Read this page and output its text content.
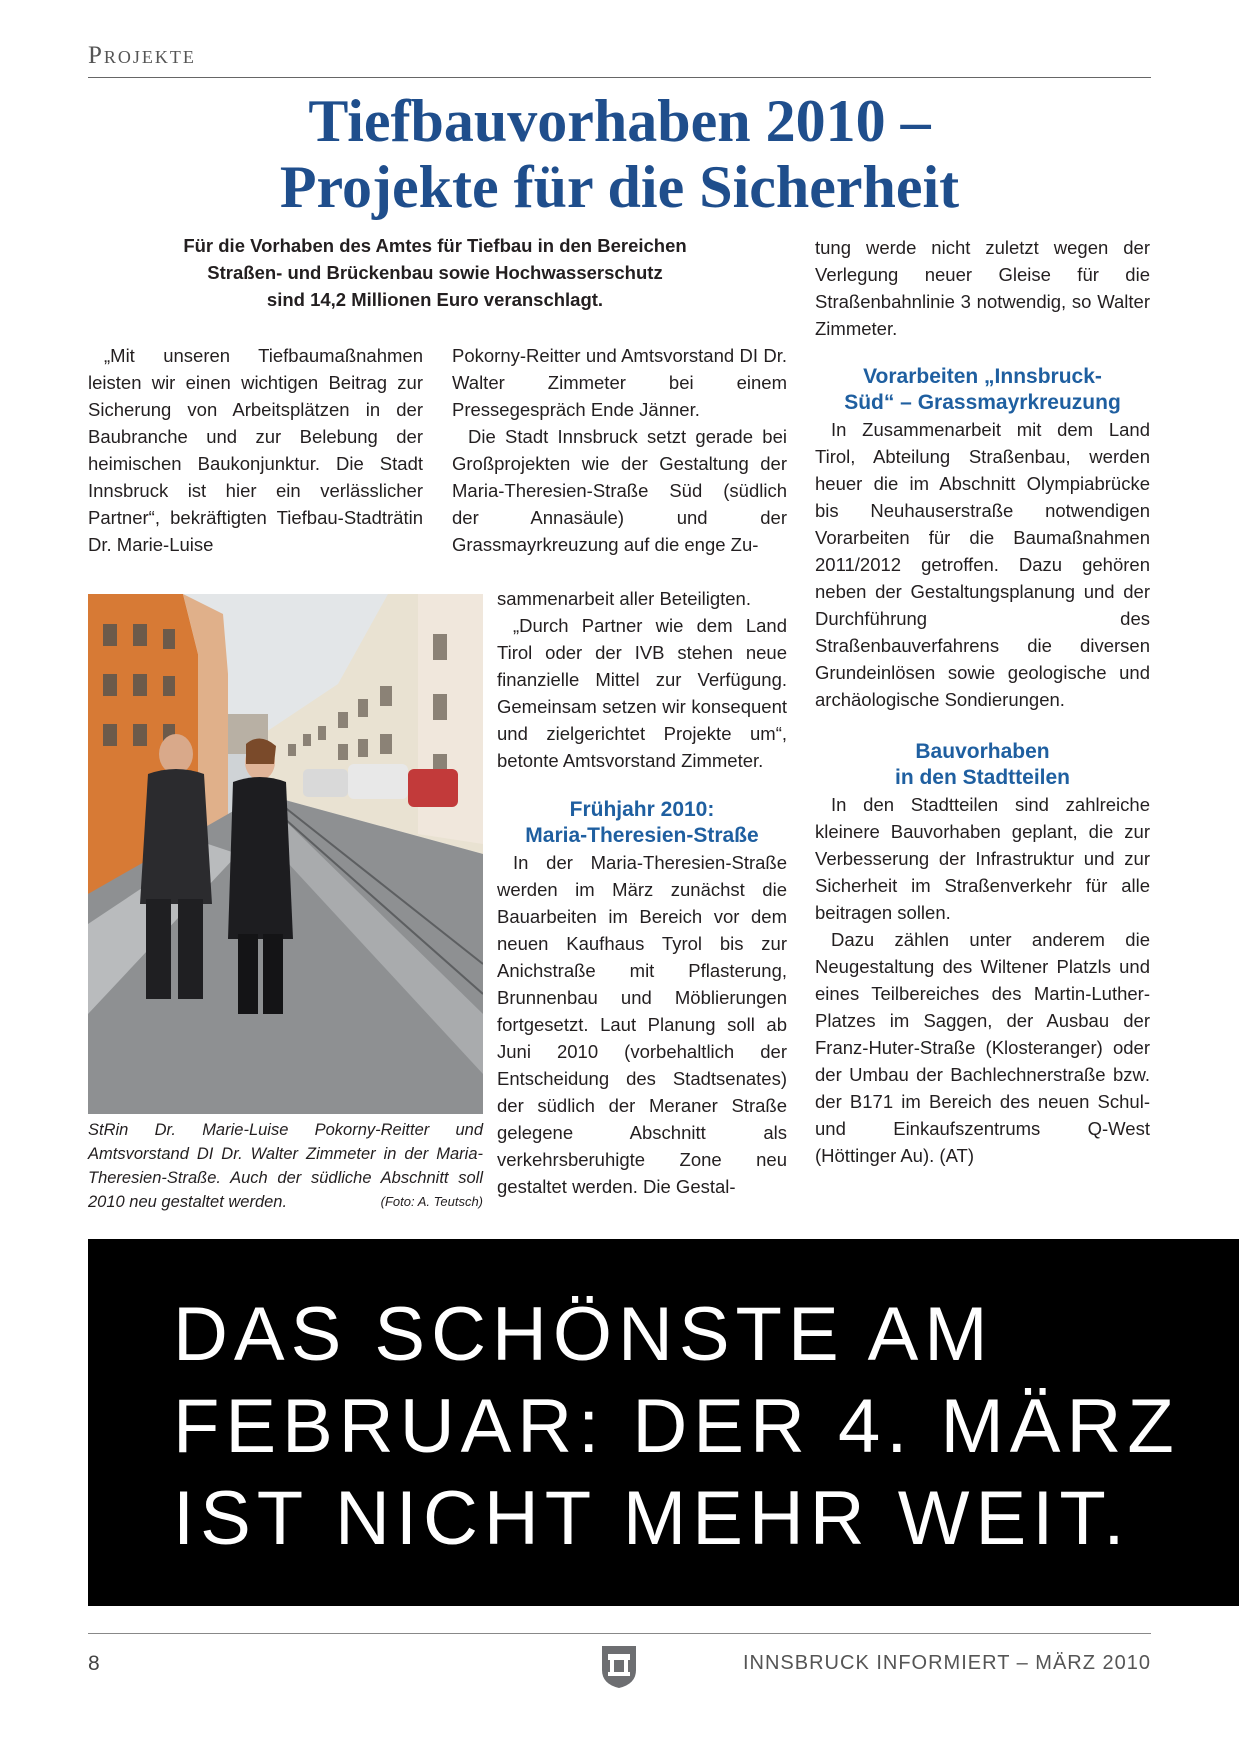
Projekte
Tiefbauvorhaben 2010 –
Projekte für die Sicherheit
Für die Vorhaben des Amtes für Tiefbau in den Bereichen
Straßen- und Brückenbau sowie Hochwasserschutz
sind 14,2 Millionen Euro veranschlagt.

„Mit unseren Tiefbaumaßnahmen leisten wir einen wichtigen Beitrag zur Sicherung von Arbeitsplätzen in der Baubranche und zur Belebung der heimischen Baukonjunktur. Die Stadt Innsbruck ist hier ein verlässlicher Partner“, bekräftigten Tiefbau-Stadträtin Dr. Marie-Luise

Pokorny-Reitter und Amtsvorstand DI Dr. Walter Zimmeter bei einem Pressegespräch Ende Jänner.

Die Stadt Innsbruck setzt gerade bei Großprojekten wie der Gestaltung der Maria-Theresien-Straße Süd (südlich der Annasäule) und der Grassmayrkreuzung auf die enge Zu-

sammenarbeit aller Beteiligten.

„Durch Partner wie dem Land Tirol oder der IVB stehen neue finanzielle Mittel zur Verfügung. Gemeinsam setzen wir konsequent und zielgerichtet Projekte um“, betonte Amtsvorstand Zimmeter.

Frühjahr 2010:
Maria-Theresien-Straße

In der Maria-Theresien-Straße werden im März zunächst die Bauarbeiten im Bereich vor dem neuen Kaufhaus Tyrol bis zur Anichstraße mit Pflasterung, Brunnenbau und Möblierungen fortgesetzt. Laut Planung soll ab Juni 2010 (vorbehaltlich der Entscheidung des Stadtsenates) der südlich der Meraner Straße gelegene Abschnitt als verkehrsberuhigte Zone neu gestaltet werden. Die Gestal-

tung werde nicht zuletzt wegen der Verlegung neuer Gleise für die Straßenbahnlinie 3 notwendig, so Walter Zimmeter.

Vorarbeiten „Innsbruck-
Süd“ – Grassmayrkreuzung

In Zusammenarbeit mit dem Land Tirol, Abteilung Straßenbau, werden heuer die im Abschnitt Olympiabrücke bis Neuhauserstraße notwendigen Vorarbeiten für die Baumaßnahmen 2011/2012 getroffen. Dazu gehören neben der Gestaltungsplanung und der Durchführung des Straßenbauverfahrens die diversen Grundeinlösen sowie geologische und archäologische Sondierungen.

Bauvorhaben
in den Stadtteilen

In den Stadtteilen sind zahlreiche kleinere Bauvorhaben geplant, die zur Verbesserung der Infrastruktur und zur Sicherheit im Straßenverkehr für alle beitragen sollen.

Dazu zählen unter anderem die Neugestaltung des Wiltener Platzls und eines Teilbereiches des Martin-Luther-Platzes im Saggen, der Ausbau der Franz-Huter-Straße (Klosteranger) oder der Umbau der Bachlechnerstraße bzw. der B171 im Bereich des neuen Schul- und Einkaufszentrums Q-West (Höttinger Au). (AT)

StRin Dr. Marie-Luise Pokorny-Reitter und Amtsvorstand DI Dr. Walter Zimmeter in der Maria-Theresien-Straße. Auch der südliche Abschnitt soll 2010 neu gestaltet werden.	(Foto: A. Teutsch)
DAS SCHÖNSTE AM
FEBRUAR: DER 4. MÄRZ
IST NICHT MEHR WEIT.
8	INNSBRUCK INFORMIERT – MÄRZ 2010
